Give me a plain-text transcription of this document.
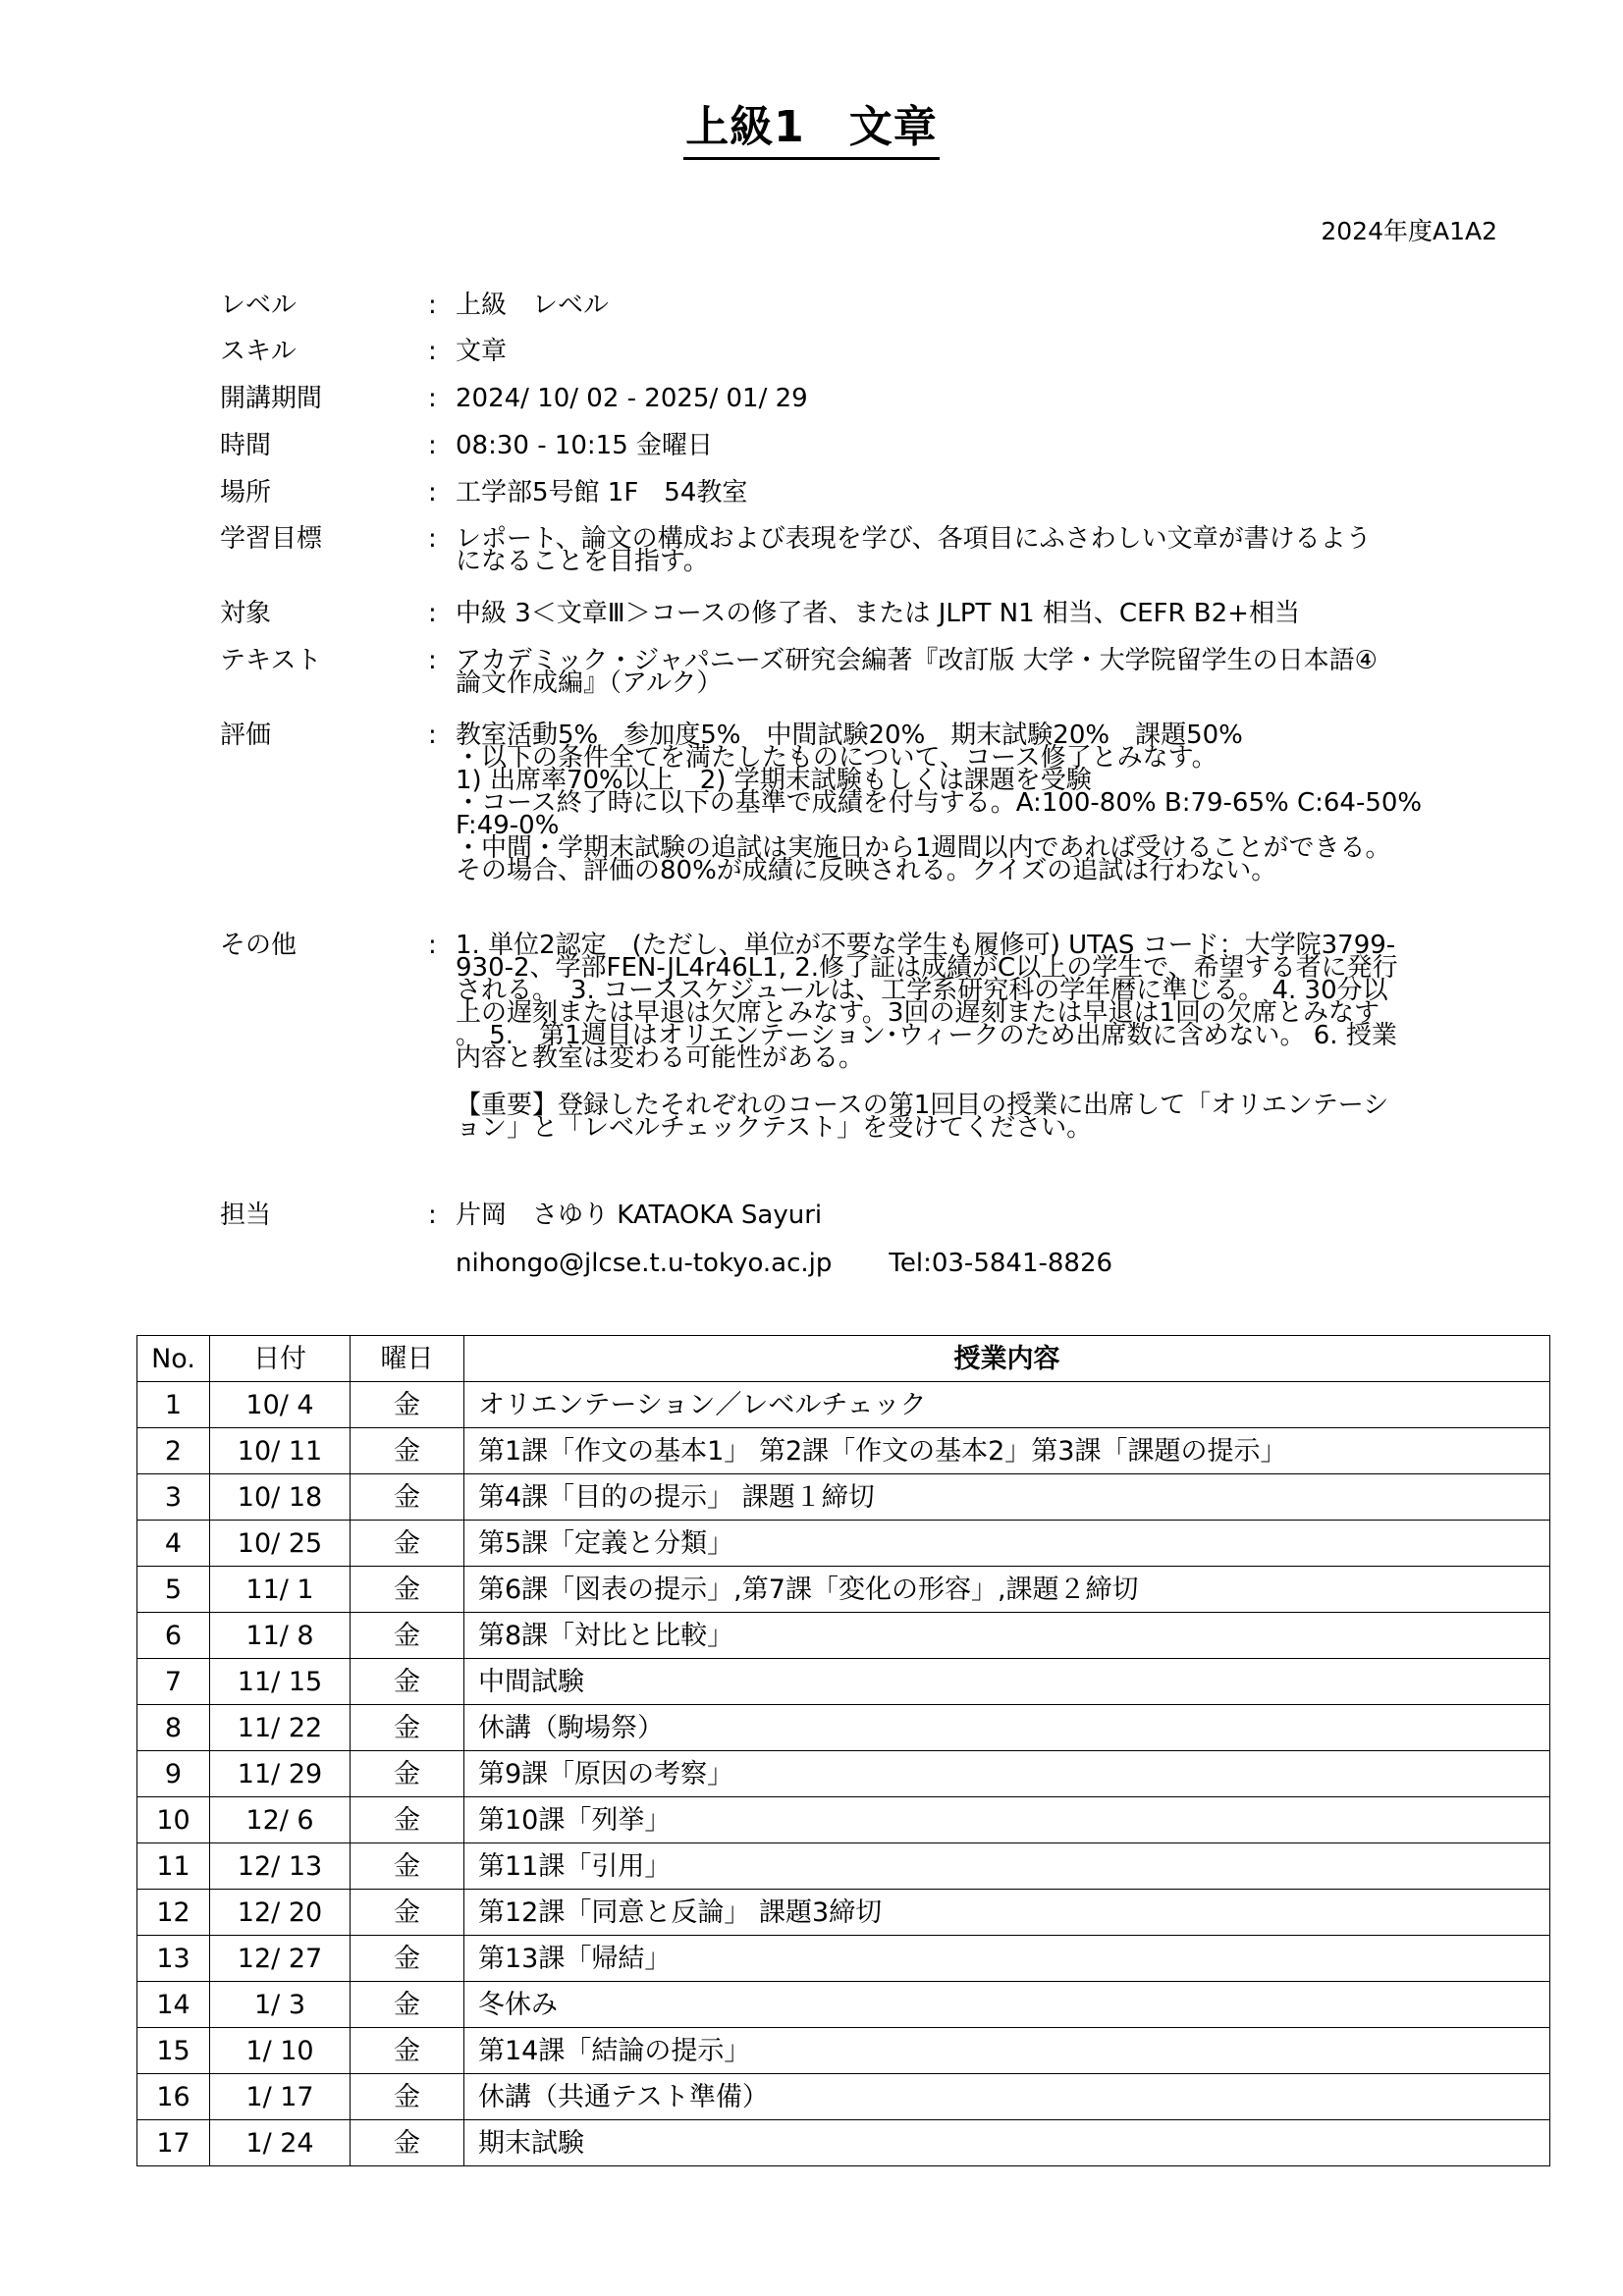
上級1　文章
2024年度A1A2
レベル	: 上級　レベル
スキル	: 文章
開講期間	: 2024/ 10/ 02 - 2025/ 01/ 29
時間	: 08:30 - 10:15 金曜日
場所	: 工学部5号館 1F　54教室
学習目標	: レポート、論文の構成および表現を学び、各項目にふさわしい文章が書けるよう
になることを目指す。
対象	: 中級 3＜文章Ⅲ＞コースの修了者、または JLPT N1 相当、CEFR B2+相当
テキスト	: アカデミック・ジャパニーズ研究会編著『改訂版 大学・大学院留学生の日本語④
論文作成編』（アルク）
評価	: 教室活動5%　参加度5%　中間試験20%　期末試験20%　課題50%
・以下の条件全てを満たしたものについて、コース修了とみなす。
1) 出席率70%以上　2) 学期末試験もしくは課題を受験
・コース終了時に以下の基準で成績を付与する。A:100-80% B:79-65% C:64-50%
F:49-0%
・中間・学期末試験の追試は実施日から1週間以内であれば受けることができる。
その場合、評価の80%が成績に反映される。クイズの追試は行わない。
その他	: 1. 単位2認定　(ただし、単位が不要な学生も履修可) UTAS コード：大学院3799-
930-2、学部FEN-JL4r46L1, 2.修了証は成績がC以上の学生で、希望する者に発行
される。　3. コーススケジュールは、工学系研究科の学年暦に準じる。 4. 30分以
上の遅刻または早退は欠席とみなす。3回の遅刻または早退は1回の欠席とみなす
。 5.　第1週目はオリエンテーション･ウィークのため出席数に含めない。 6. 授業
内容と教室は変わる可能性がある。
【重要】登録したそれぞれのコースの第1回目の授業に出席して「オリエンテーシ
ョン」と「レベルチェックテスト」を受けてください。
担当	: 片岡　さゆり KATAOKA Sayuri
nihongo@jlcse.t.u-tokyo.ac.jp Tel:03-5841-8826
No.	日付	曜日	授業内容
1	10/ 4	金	オリエンテーション／レベルチェック
2	10/ 11	金	第1課「作文の基本1」 第2課「作文の基本2」第3課「課題の提示」
3	10/ 18	金	第4課「目的の提示」 課題１締切
4	10/ 25	金	第5課「定義と分類」
5	11/ 1	金	第6課「図表の提示」,第7課「変化の形容」,課題２締切
6	11/ 8	金	第8課「対比と比較」
7	11/ 15	金	中間試験
8	11/ 22	金	休講（駒場祭）
9	11/ 29	金	第9課「原因の考察」
10	12/ 6	金	第10課「列挙」
11	12/ 13	金	第11課「引用」
12	12/ 20	金	第12課「同意と反論」 課題3締切
13	12/ 27	金	第13課「帰結」
14	1/ 3	金	冬休み
15	1/ 10	金	第14課「結論の提示」
16	1/ 17	金	休講（共通テスト準備）
17	1/ 24	金	期末試験
